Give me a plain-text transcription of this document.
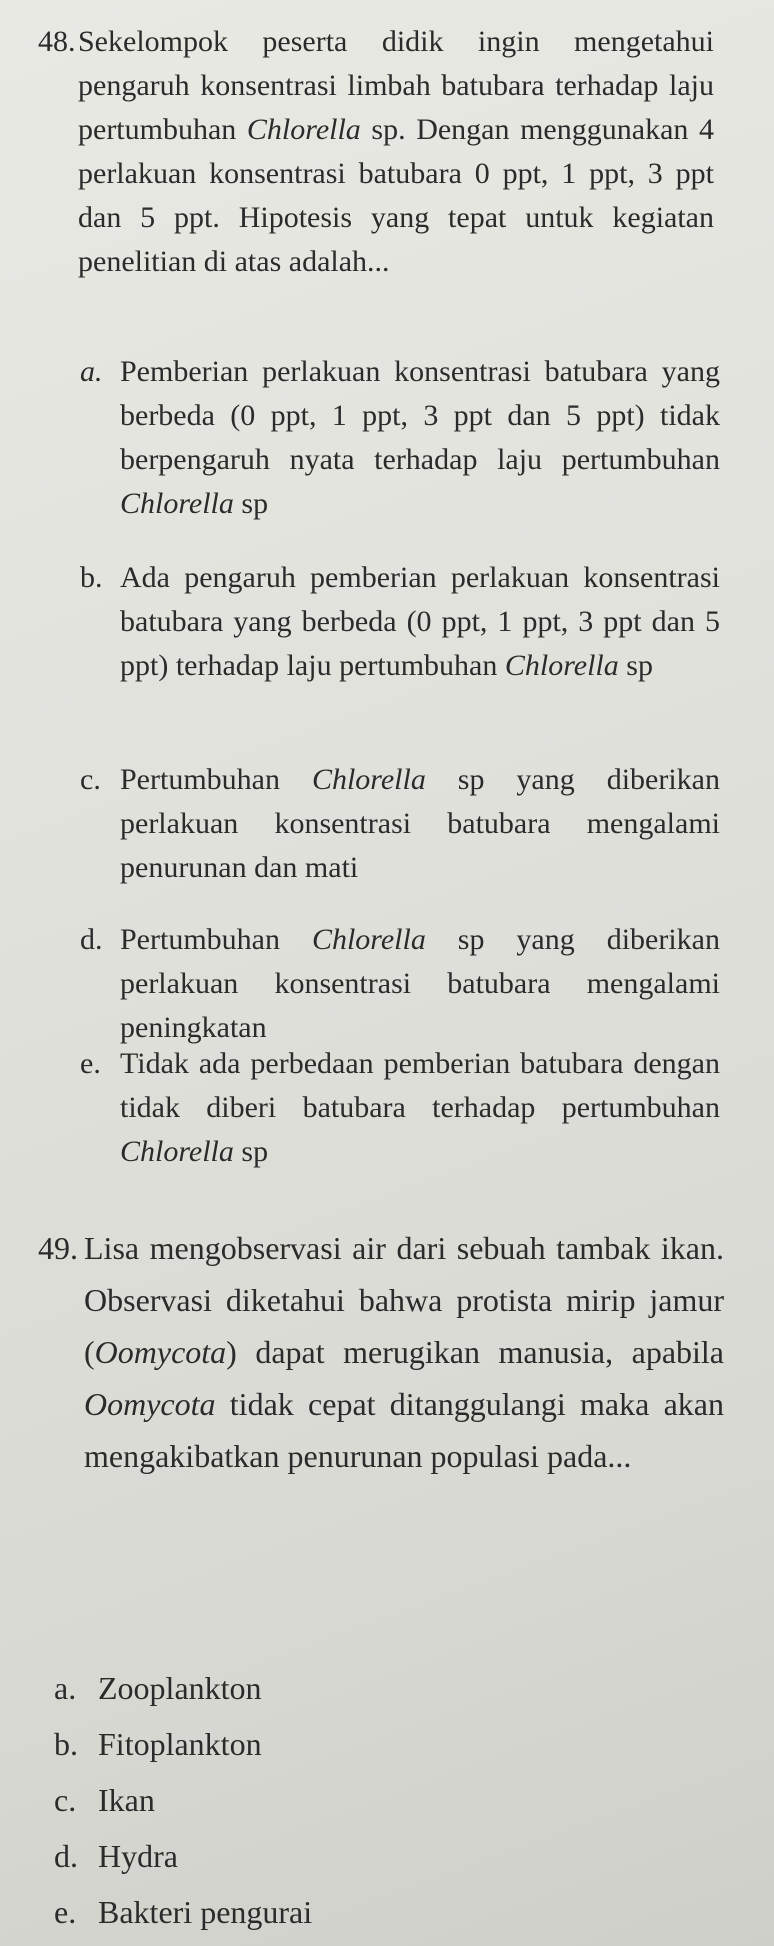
48. Sekelompok peserta didik ingin mengetahui pengaruh konsentrasi limbah batubara terhadap laju pertumbuhan Chlorella sp. Dengan menggunakan 4 perlakuan konsentrasi batubara 0 ppt, 1 ppt, 3 ppt dan 5 ppt. Hipotesis yang tepat untuk kegiatan penelitian di atas adalah...
a. Pemberian perlakuan konsentrasi batubara yang berbeda (0 ppt, 1 ppt, 3 ppt dan 5 ppt) tidak berpengaruh nyata terhadap laju pertumbuhan Chlorella sp
b. Ada pengaruh pemberian perlakuan konsentrasi batubara yang berbeda (0 ppt, 1 ppt, 3 ppt dan 5 ppt) terhadap laju pertumbuhan Chlorella sp
c. Pertumbuhan Chlorella sp yang diberikan perlakuan konsentrasi batubara mengalami penurunan dan mati
d. Pertumbuhan Chlorella sp yang diberikan perlakuan konsentrasi batubara mengalami peningkatan
e. Tidak ada perbedaan pemberian batubara dengan tidak diberi batubara terhadap pertumbuhan Chlorella sp
49. Lisa mengobservasi air dari sebuah tambak ikan. Observasi diketahui bahwa protista mirip jamur (Oomycota) dapat merugikan manusia, apabila Oomycota tidak cepat ditanggulangi maka akan mengakibatkan penurunan populasi pada...
a. Zooplankton
b. Fitoplankton
c. Ikan
d. Hydra
e. Bakteri pengurai
